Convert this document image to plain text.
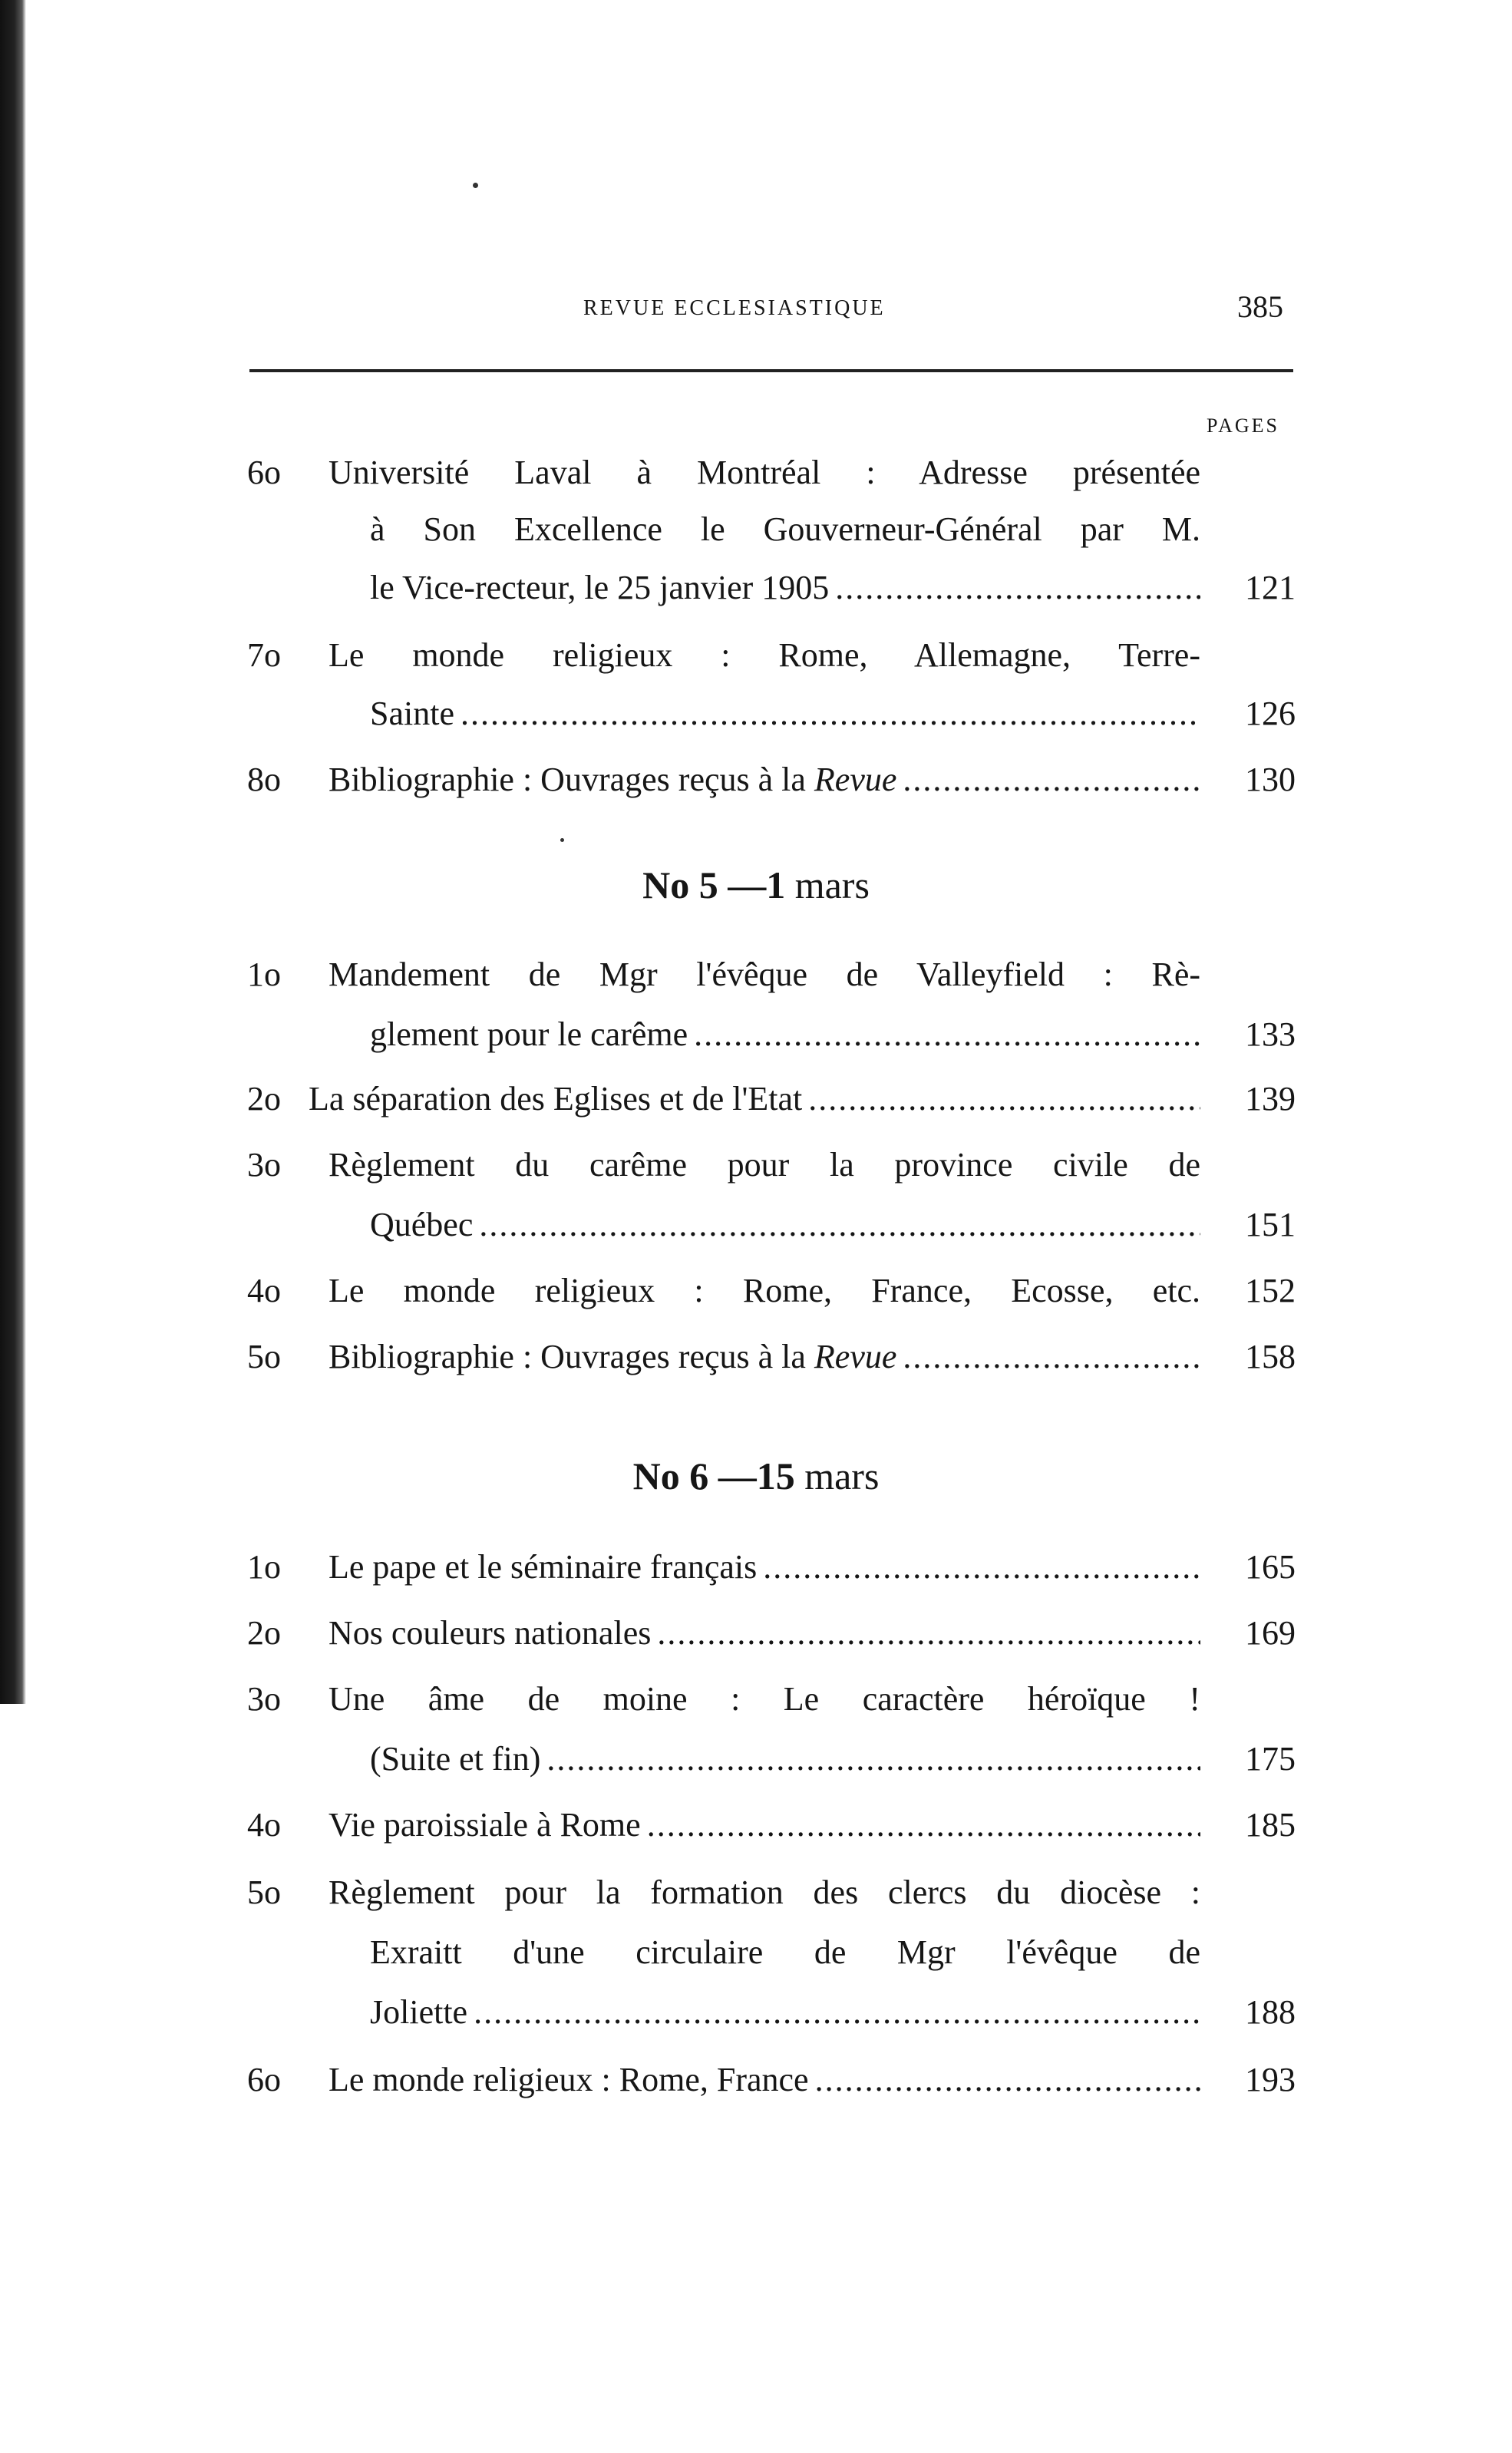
REVUE ECCLESIASTIQUE	385
PAGES
6o Université Laval à Montréal : Adresse présentée
à Son Excellence le Gouverneur-Général par M.
le Vice-recteur, le 25 janvier 1905 .....	121
7o Le monde religieux : Rome, Allemagne, Terre-
Sainte .....	126
8o Bibliographie : Ouvrages reçus à la
Revue .....	130
No 5 —1 mars
1o Mandement de Mgr l'évêque de Valleyfield : Rè-
glement pour le carême .....	133
2o La séparation des Eglises et de l'Etat .....	139
3o Règlement du carême pour la province civile de
Québec .....	151
4o Le monde religieux : Rome, France, Ecosse, etc. 152
5o Bibliographie : Ouvrages reçus à la
Revue .....	158
No 6 —15 mars
1o Le pape et le séminaire français .....	165
2o Nos couleurs nationales .....	169
3o Une âme de moine : Le caractère héroïque !
(Suite et fin) .....	175
4o Vie paroissiale à Rome .....	185
5o Règlement pour la formation des clercs du diocèse :
Exraitt d'une circulaire de Mgr l'évêque de
Joliette .....	188
6o Le monde religieux : Rome, France .....	193
